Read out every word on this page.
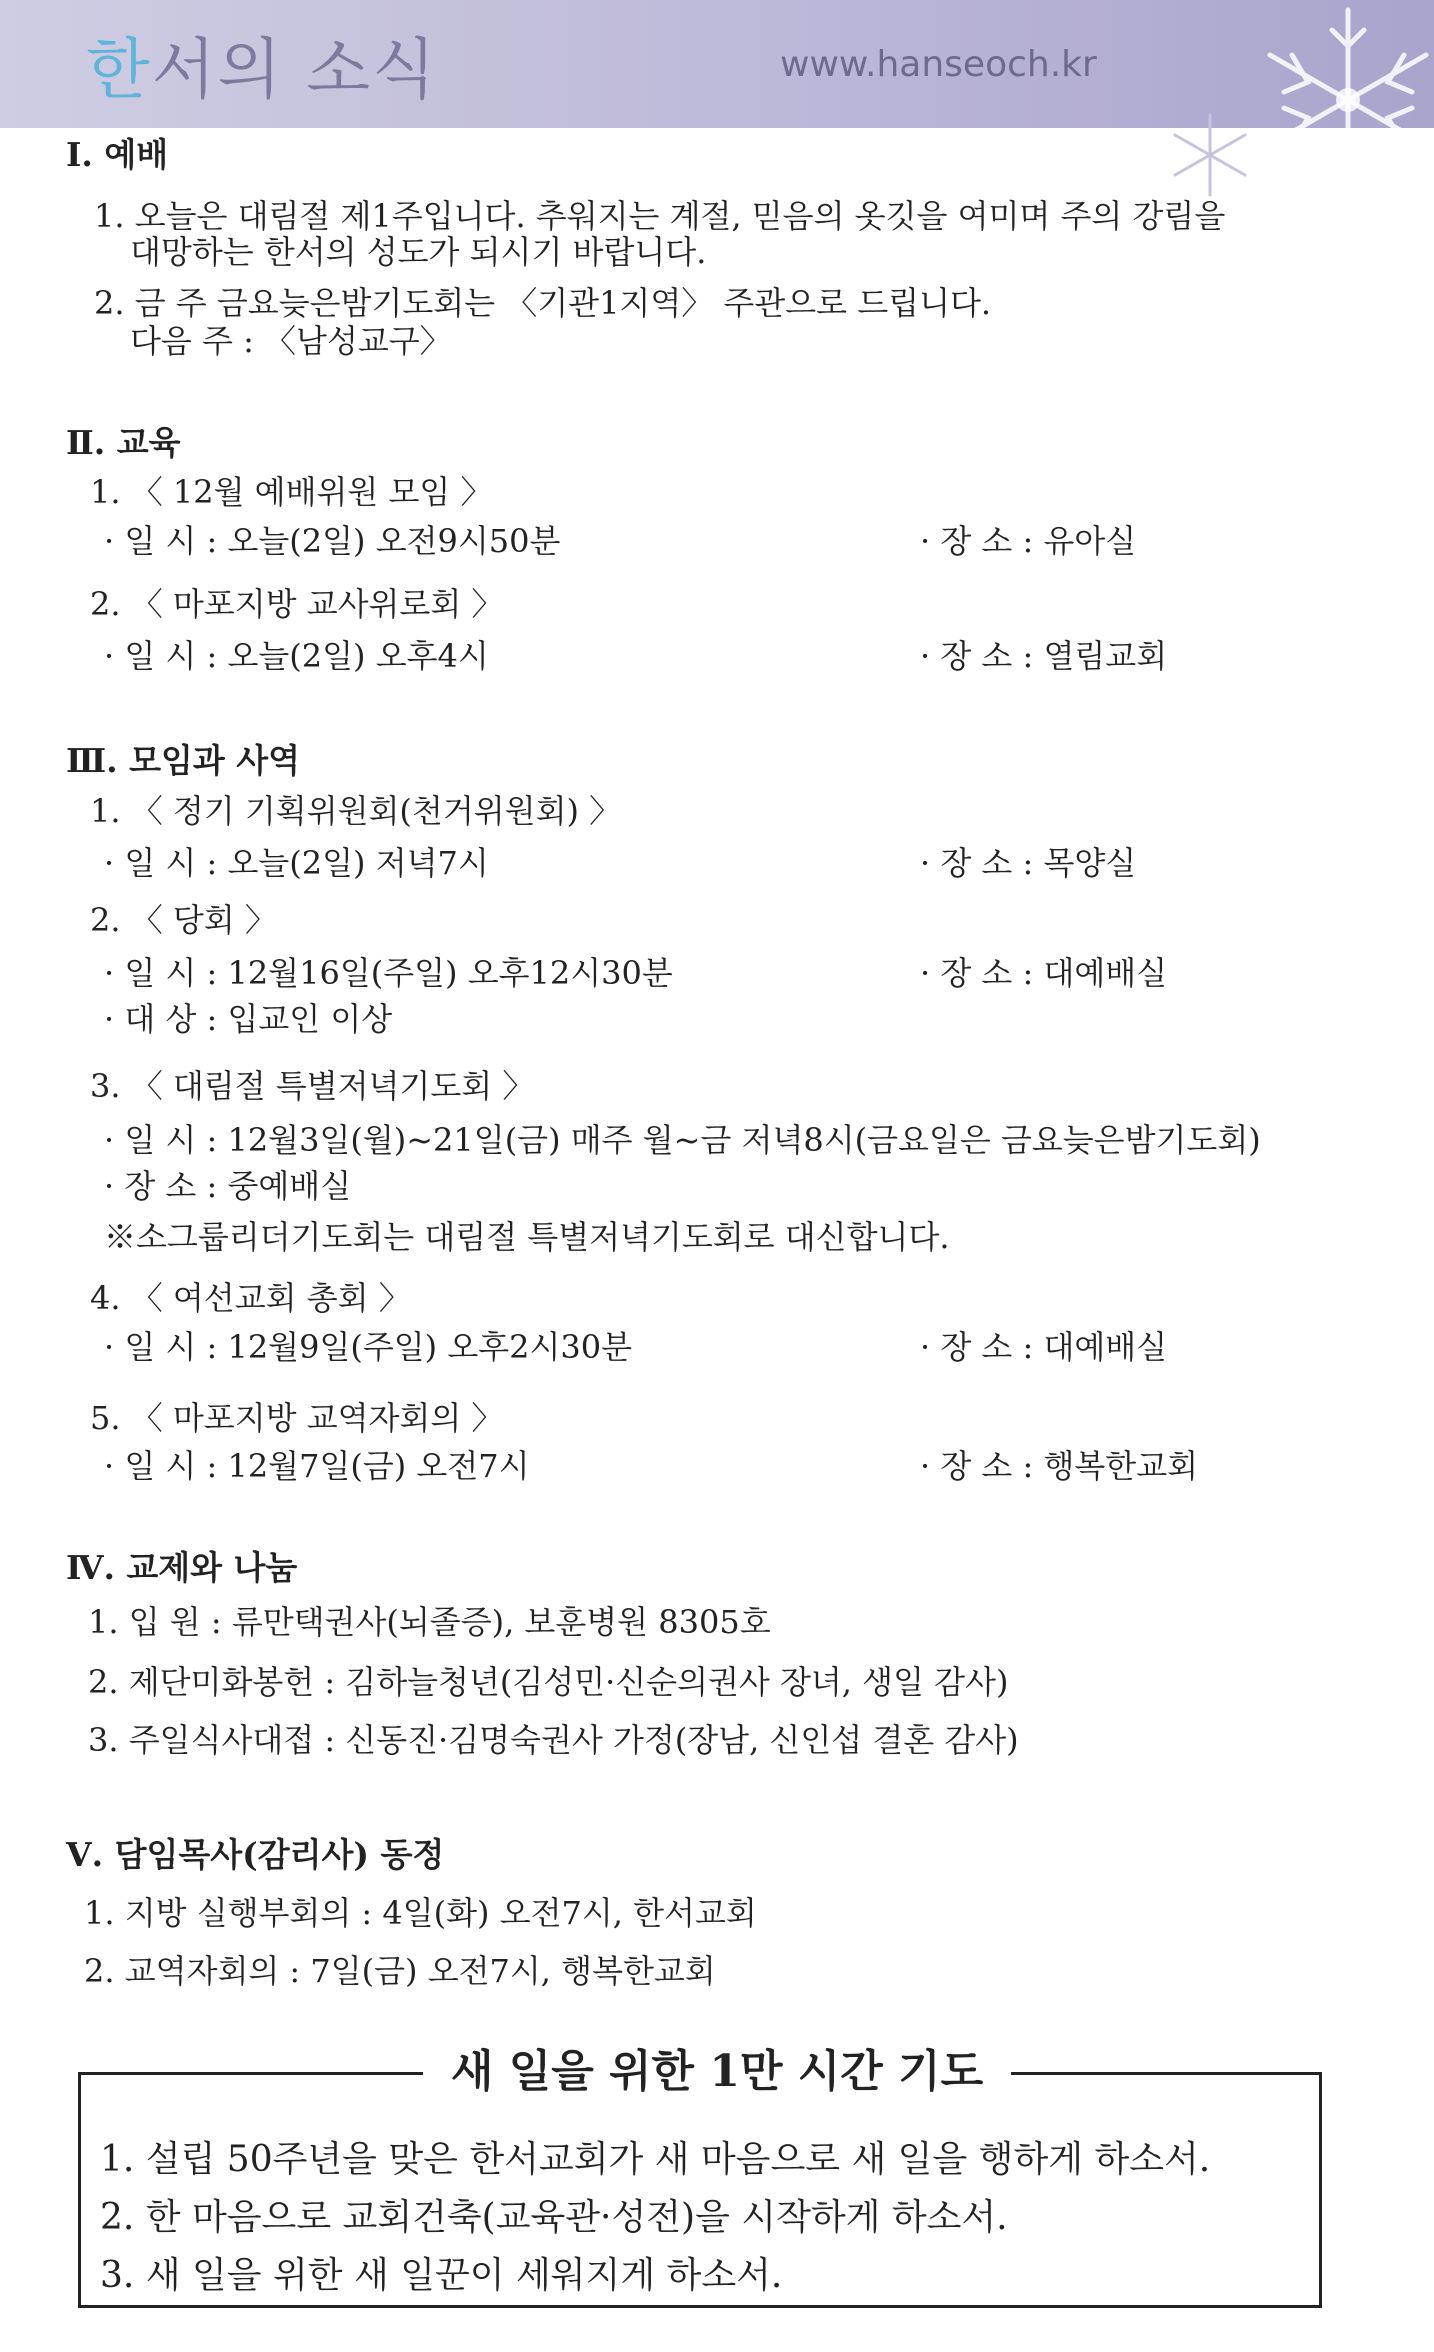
한서의 소식	www.hanseoch.kr
Ⅰ. 예배
1. 오늘은 대림절 제1주입니다. 추워지는 계절, 믿음의 옷깃을 여미며 주의 강림을
대망하는 한서의 성도가 되시기 바랍니다.
2. 금 주 금요늦은밤기도회는 〈기관1지역〉 주관으로 드립니다.
다음 주 : 〈남성교구〉
Ⅱ. 교육
1. 〈 12월 예배위원 모임 〉
· 일 시 : 오늘(2일) 오전9시50분	· 장 소 : 유아실
2. 〈 마포지방 교사위로회 〉
· 일 시 : 오늘(2일) 오후4시	· 장 소 : 열림교회
Ⅲ. 모임과 사역
1. 〈 정기 기획위원회(천거위원회) 〉
· 일 시 : 오늘(2일) 저녁7시	· 장 소 : 목양실
2. 〈 당회 〉
· 일 시 : 12월16일(주일) 오후12시30분	· 장 소 : 대예배실
· 대 상 : 입교인 이상
3. 〈 대림절 특별저녁기도회 〉
· 일 시 : 12월3일(월)~21일(금) 매주 월~금 저녁8시(금요일은 금요늦은밤기도회)
· 장 소 : 중예배실
※소그룹리더기도회는 대림절 특별저녁기도회로 대신합니다.
4. 〈 여선교회 총회 〉
· 일 시 : 12월9일(주일) 오후2시30분	· 장 소 : 대예배실
5. 〈 마포지방 교역자회의 〉
· 일 시 : 12월7일(금) 오전7시	· 장 소 : 행복한교회
Ⅳ. 교제와 나눔
1. 입 원 : 류만택권사(뇌졸증), 보훈병원 8305호
2. 제단미화봉헌 : 김하늘청년(김성민·신순의권사 장녀, 생일 감사)
3. 주일식사대접 : 신동진·김명숙권사 가정(장남, 신인섭 결혼 감사)
Ⅴ. 담임목사(감리사) 동정
1. 지방 실행부회의 : 4일(화) 오전7시, 한서교회
2. 교역자회의 : 7일(금) 오전7시, 행복한교회
새 일을 위한 1만 시간 기도
1. 설립 50주년을 맞은 한서교회가 새 마음으로 새 일을 행하게 하소서.
2. 한 마음으로 교회건축(교육관·성전)을 시작하게 하소서.
3. 새 일을 위한 새 일꾼이 세워지게 하소서.
